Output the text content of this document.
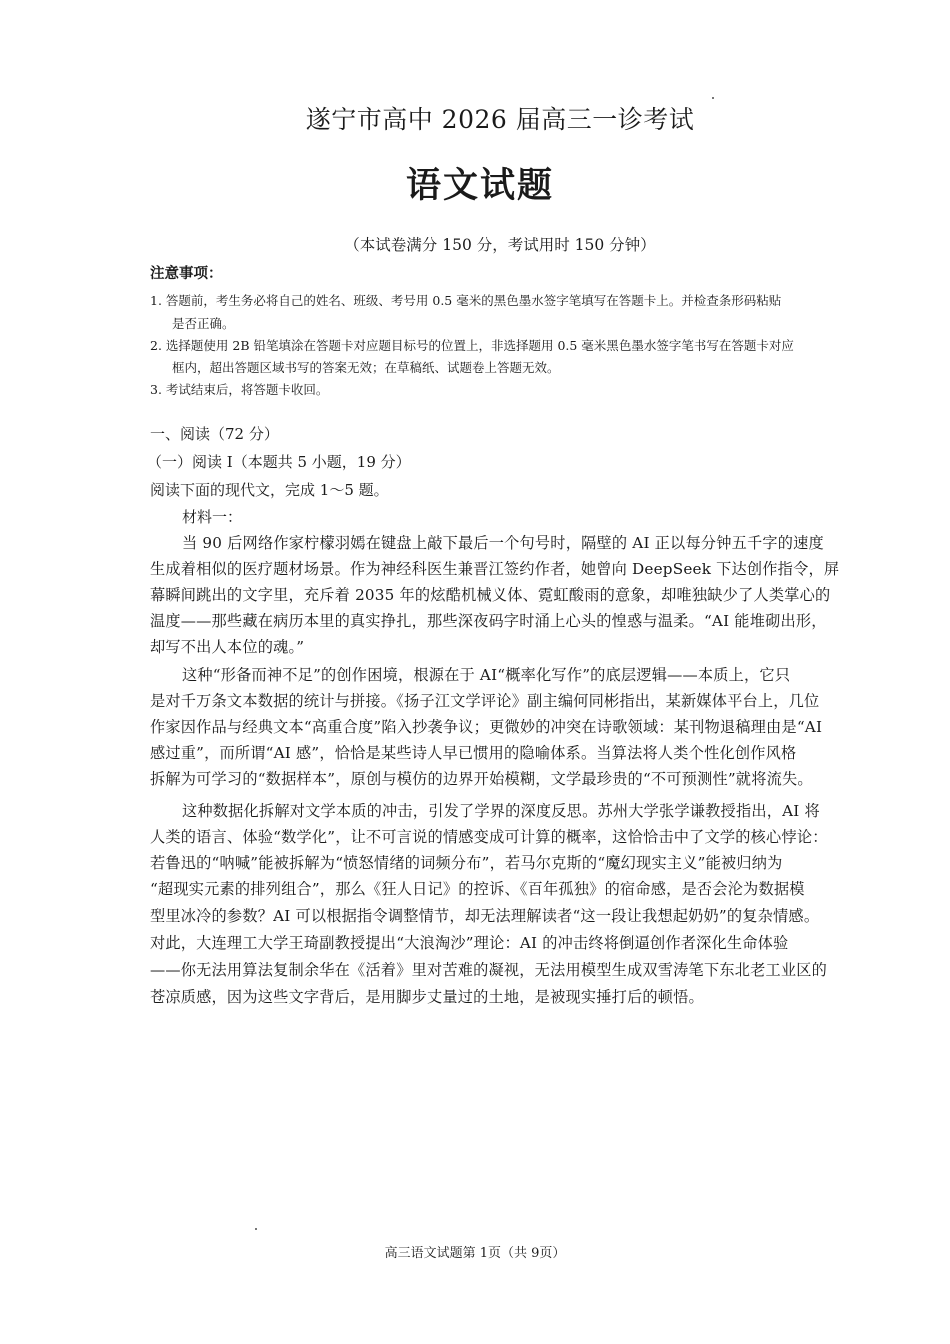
遂宁市高中 2026 届高三一诊考试
语文试题
（本试卷满分 150 分，考试用时 150 分钟）
注意事项：
1. 答题前，考生务必将自己的姓名、班级、考号用 0.5 毫米的黑色墨水签字笔填写在答题卡上。并检查条形码粘贴
是否正确。
2. 选择题使用 2B 铅笔填涂在答题卡对应题目标号的位置上，非选择题用 0.5 毫米黑色墨水签字笔书写在答题卡对应
框内，超出答题区域书写的答案无效；在草稿纸、试题卷上答题无效。
3. 考试结束后，将答题卡收回。
一、阅读（72 分）
（一）阅读 I（本题共 5 小题，19 分）
阅读下面的现代文，完成 1～5 题。
材料一：
当 90 后网络作家柠檬羽嫣在键盘上敲下最后一个句号时，隔壁的 AI 正以每分钟五千字的速度
生成着相似的医疗题材场景。作为神经科医生兼晋江签约作者，她曾向 DeepSeek 下达创作指令，屏
幕瞬间跳出的文字里，充斥着 2035 年的炫酷机械义体、霓虹酸雨的意象，却唯独缺少了人类掌心的
温度——那些藏在病历本里的真实挣扎，那些深夜码字时涌上心头的惶惑与温柔。“AI 能堆砌出形，
却写不出人本位的魂。”
这种“形备而神不足”的创作困境，根源在于 AI“概率化写作”的底层逻辑——本质上，它只
是对千万条文本数据的统计与拼接。《扬子江文学评论》副主编何同彬指出，某新媒体平台上，几位
作家因作品与经典文本“高重合度”陷入抄袭争议；更微妙的冲突在诗歌领域：某刊物退稿理由是“AI
感过重”，而所谓“AI 感”，恰恰是某些诗人早已惯用的隐喻体系。当算法将人类个性化创作风格
拆解为可学习的“数据样本”，原创与模仿的边界开始模糊，文学最珍贵的“不可预测性”就将流失。
这种数据化拆解对文学本质的冲击，引发了学界的深度反思。苏州大学张学谦教授指出，AI 将
人类的语言、体验“数学化”，让不可言说的情感变成可计算的概率，这恰恰击中了文学的核心悖论：
若鲁迅的“呐喊”能被拆解为“愤怒情绪的词频分布”，若马尔克斯的“魔幻现实主义”能被归纳为
“超现实元素的排列组合”，那么《狂人日记》的控诉、《百年孤独》的宿命感，是否会沦为数据模
型里冰冷的参数？AI 可以根据指令调整情节，却无法理解读者“这一段让我想起奶奶”的复杂情感。
对此，大连理工大学王琦副教授提出“大浪淘沙”理论：AI 的冲击终将倒逼创作者深化生命体验
——你无法用算法复制余华在《活着》里对苦难的凝视，无法用模型生成双雪涛笔下东北老工业区的
苍凉质感，因为这些文字背后，是用脚步丈量过的土地，是被现实捶打后的顿悟。
高三语文试题第 1页（共 9页）
